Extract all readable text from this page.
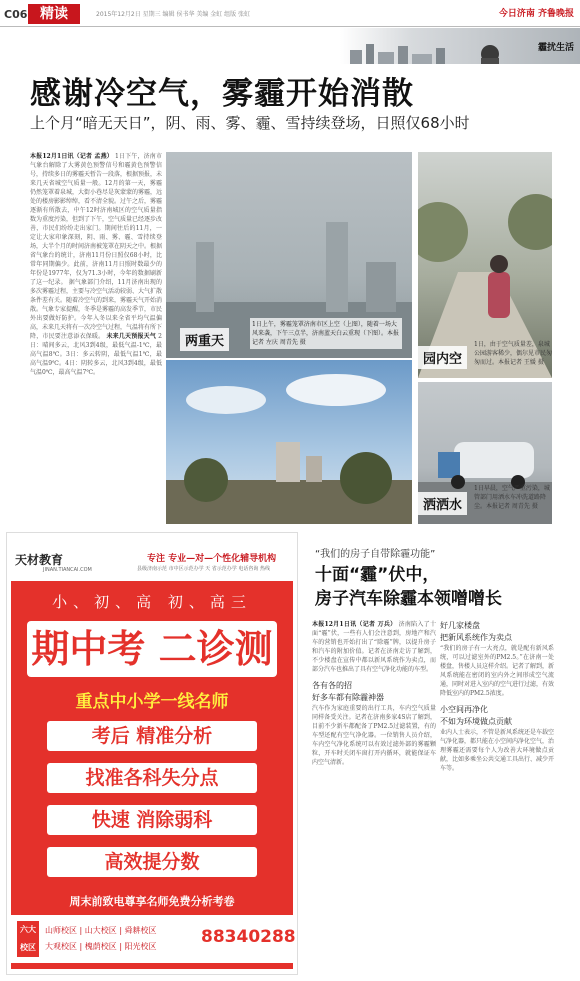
C06 精读	2015年12月2日 星期三 编辑 侯书华 美编 金虹 组版 张虹	今日济南 齐鲁晚报
霾扰生活
感谢冷空气，雾霾开始消散
上个月“暗无天日”，阴、雨、雾、霾、雪持续登场，日照仅68小时
本报12月1日讯（记者 孟燕） 1日下午，济南市气象台解除了大雾黄色预警信号和霾黄色预警信号，持续多日的雾霾天暂告一段落，根据预报，未来几天省城空气质量一般。12月的第一天，雾霾仍然笼罩着泉城，大街小巷尽是灰蒙蒙的雾霾，远处的楼房影影绰绰，看不清全貌。过午之后，雾霾逐渐有所散去，中午12时济南城区的空气质量指数为重度污染，但到了下午，空气质量已经逐步改善，市民们纷纷走出家门。期间往后的11月，一定让大家印象深刻，阴、雨、雾、霾、雪持续登场，大半个月的时间济南被笼罩在阴天之中。根据省气象台的统计，济南11月份日照仅68小时，比常年同期偏少。此前，济南11月日照时数最少的年份是1977年，仅为71.3小时，今年的数据刷新了这一纪录。 据气象部门介绍，11月济南出现的多次雾霾过程，主要与冷空气活动较弱、大气扩散条件差有关。随着冷空气的到来，雾霾天气开始消散。气象专家提醒，冬季是雾霾的高发季节，市民外出要做好防护。今年入冬以来全省平均气温偏高，未来几天将有一次冷空气过程，气温将有所下降，市民要注意添衣保暖。 未来几天预报天气 2日：晴间多云，北风3到4级，最低气温-1℃，最高气温8℃。3日：多云转阴，最低气温1℃，最高气温9℃。4日：阴转多云，北风3到4级，最低气温0℃，最高气温7℃。
两重天
1日上午，雾霾笼罩济南市区上空（上图），随着一场大风来袭，下午三点半，济南蓝天白云重现（下图）。本报记者 左庆 周青先 摄
园内空
1日，由于空气质量差，泉城公园游客稀少，偶尔见市民匆匆而过。本报记者 王媛 摄
洒洒水
1日早晨，空气严重污染，城管部门用洒水车冲洗道路降尘。本报记者 周青先 摄
天材教育
JINAN.TIANCAI.COM
专注 专业—对—个性化辅导机构
县级济南示范 市中区示范办学 天 省示范办学 电话咨询 热线
小、初、高 初、高三
期中考 二诊测
重点中小学一线名师
考后 精准分析
找准各科失分点
快速 消除弱科
高效提分数
周末前致电尊享名师免费分析考卷
六大校区
山师校区 | 山大校区 | 舜耕校区
大观校区 | 槐荫校区 | 阳光校区	88340288
“我们的房子自带除霾功能”
十面“霾”伏中，
房子汽车除霾本领噌噌长
本报12月1日讯（记者 万兵） 济南陷入了十面“霾”伏，一些有人们会注意到，房地产和汽车的营销也开始打出了“除霾”牌，以提升房子和汽车的附加价值。记者在济南走访了解到，不少楼盘在宣传中都以新风系统作为卖点，而部分汽车也推出了具有空气净化功能的车型。
各有各的招
好多车都有除霾神器
汽车作为家庭重要的出行工具，车内空气质量同样备受关注。记者在济南多家4S店了解到，目前不少新车都配备了PM2.5过滤装置，有的车型还配有空气净化器。一位销售人员介绍，车内空气净化系统可以有效过滤外部的雾霾颗粒，开车时关闭车窗打开内循环，就能保证车内空气清新。
好几家楼盘
把新风系统作为卖点
“我们的房子有一大亮点，就是配有新风系统，可以过滤室外的PM2.5。”在济南一处楼盘，售楼人员这样介绍。记者了解到，新风系统能在密闭的室内外之间形成空气流通，同时对进入室内的空气进行过滤，有效降低室内的PM2.5浓度。
小空间再净化
不如为环境做点贡献
业内人士表示，不管是新风系统还是车载空气净化器，都只能在小空间内净化空气，治理雾霾还需要每个人为改善大环境做点贡献，比如多乘坐公共交通工具出行、减少开车等。
